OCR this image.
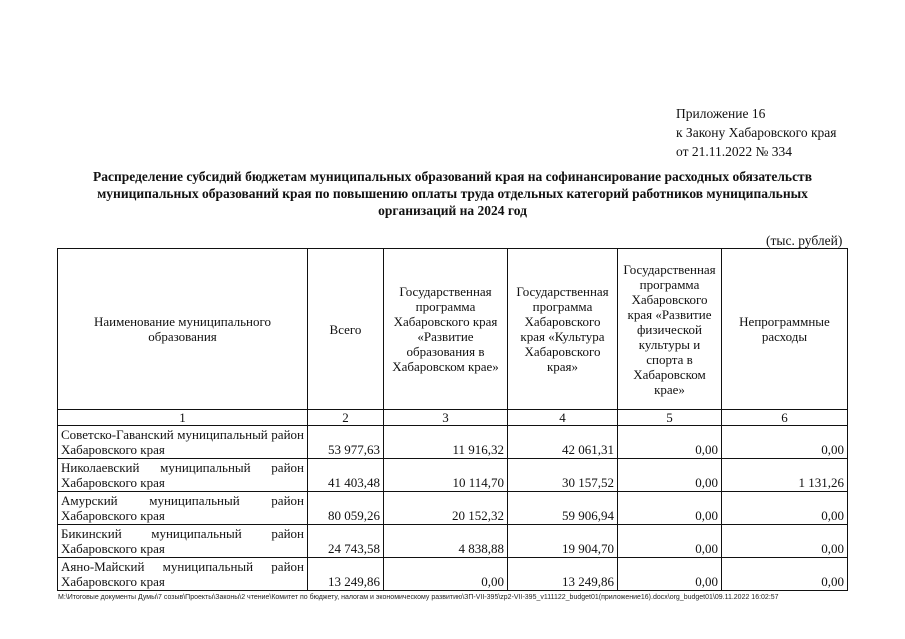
Приложение 16
к Закону Хабаровского края
от 21.11.2022 № 334
Распределение субсидий бюджетам муниципальных образований края на софинансирование расходных обязательств муниципальных образований края по повышению оплаты труда отдельных категорий работников муниципальных организаций на 2024 год
(тыс. рублей)
Наименование муниципального образования	Всего	Государственная программа Хабаровского края «Развитие образования в Хабаровском крае»	Государственная программа Хабаровского края «Культура Хабаровского края»	Государственная программа Хабаровского края «Развитие физической культуры и спорта в Хабаровском крае»	Непрограммные расходы
1	2	3	4	5	6
Советско-Гаванский муниципальный район Хабаровского края	53 977,63	11 916,32	42 061,31	0,00	0,00
Николаевский муниципальный район Хабаровского края	41 403,48	10 114,70	30 157,52	0,00	1 131,26
Амурский муниципальный район Хабаровского края	80 059,26	20 152,32	59 906,94	0,00	0,00
Бикинский муниципальный район Хабаровского края	24 743,58	4 838,88	19 904,70	0,00	0,00
Аяно-Майский муниципальный район Хабаровского края	13 249,86	0,00	13 249,86	0,00	0,00
M:\Итоговые документы Думы\7 созыв\Проекты\Законы\2 чтение\Комитет по бюджету, налогам и экономическому развитию\ЗП-VII-395\zp2-VII-395_v111122_budget01(приложение16).docx\org_budget01\09.11.2022 16:02:57
